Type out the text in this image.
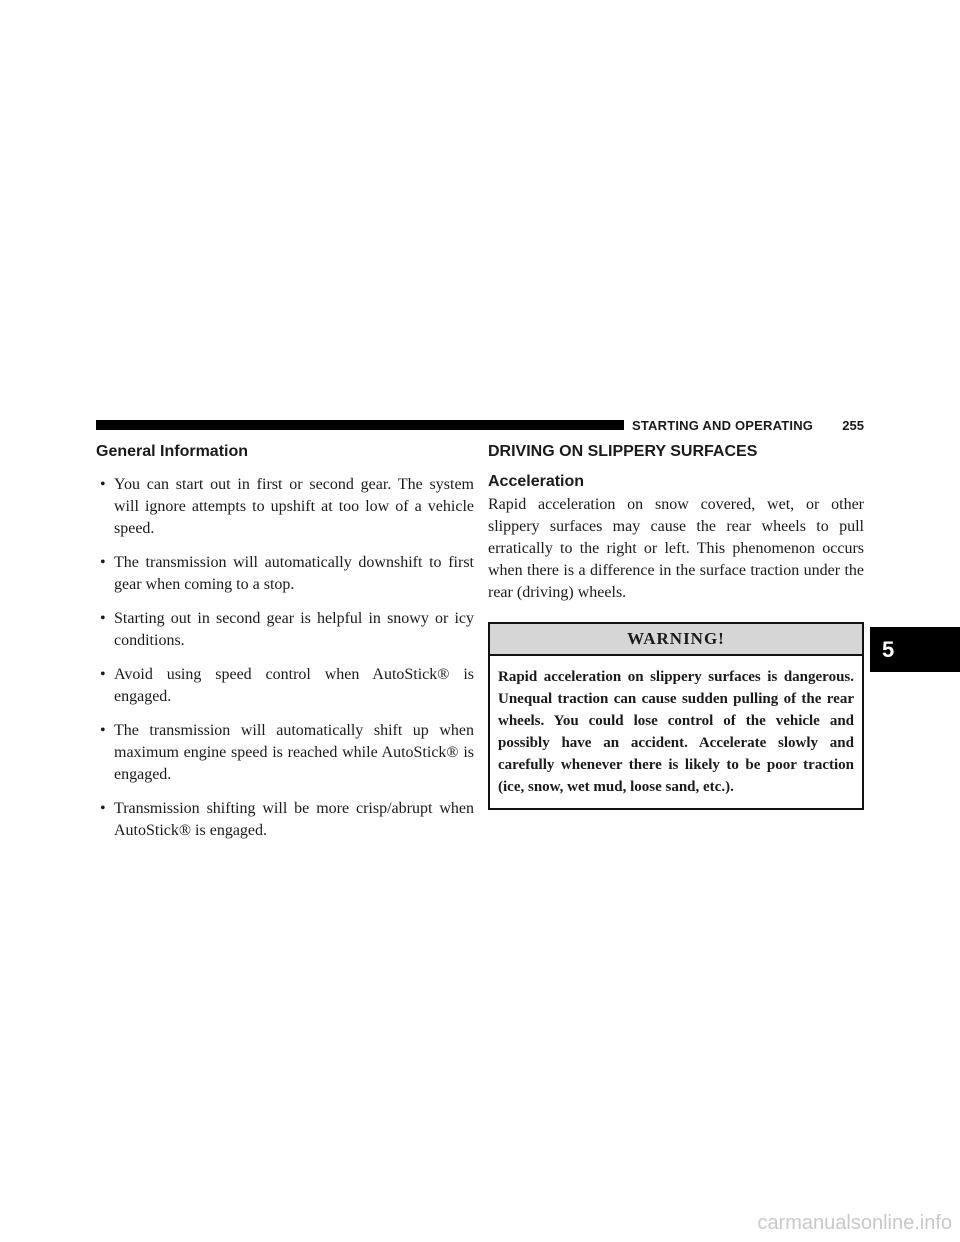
STARTING AND OPERATING	255
General Information
• You can start out in first or second gear. The system will ignore attempts to upshift at too low of a vehicle speed.
• The transmission will automatically downshift to first gear when coming to a stop.
• Starting out in second gear is helpful in snowy or icy conditions.
• Avoid using speed control when AutoStick® is engaged.
• The transmission will automatically shift up when maximum engine speed is reached while AutoStick® is engaged.
• Transmission shifting will be more crisp/abrupt when AutoStick® is engaged.
DRIVING ON SLIPPERY SURFACES
Acceleration

Rapid acceleration on snow covered, wet, or other slippery surfaces may cause the rear wheels to pull erratically to the right or left. This phenomenon occurs when there is a difference in the surface traction under the rear (driving) wheels.

WARNING!
Rapid acceleration on slippery surfaces is dangerous. Unequal traction can cause sudden pulling of the rear wheels. You could lose control of the vehicle and possibly have an accident. Accelerate slowly and carefully whenever there is likely to be poor traction (ice, snow, wet mud, loose sand, etc.).
5
carmanualsonline.info
